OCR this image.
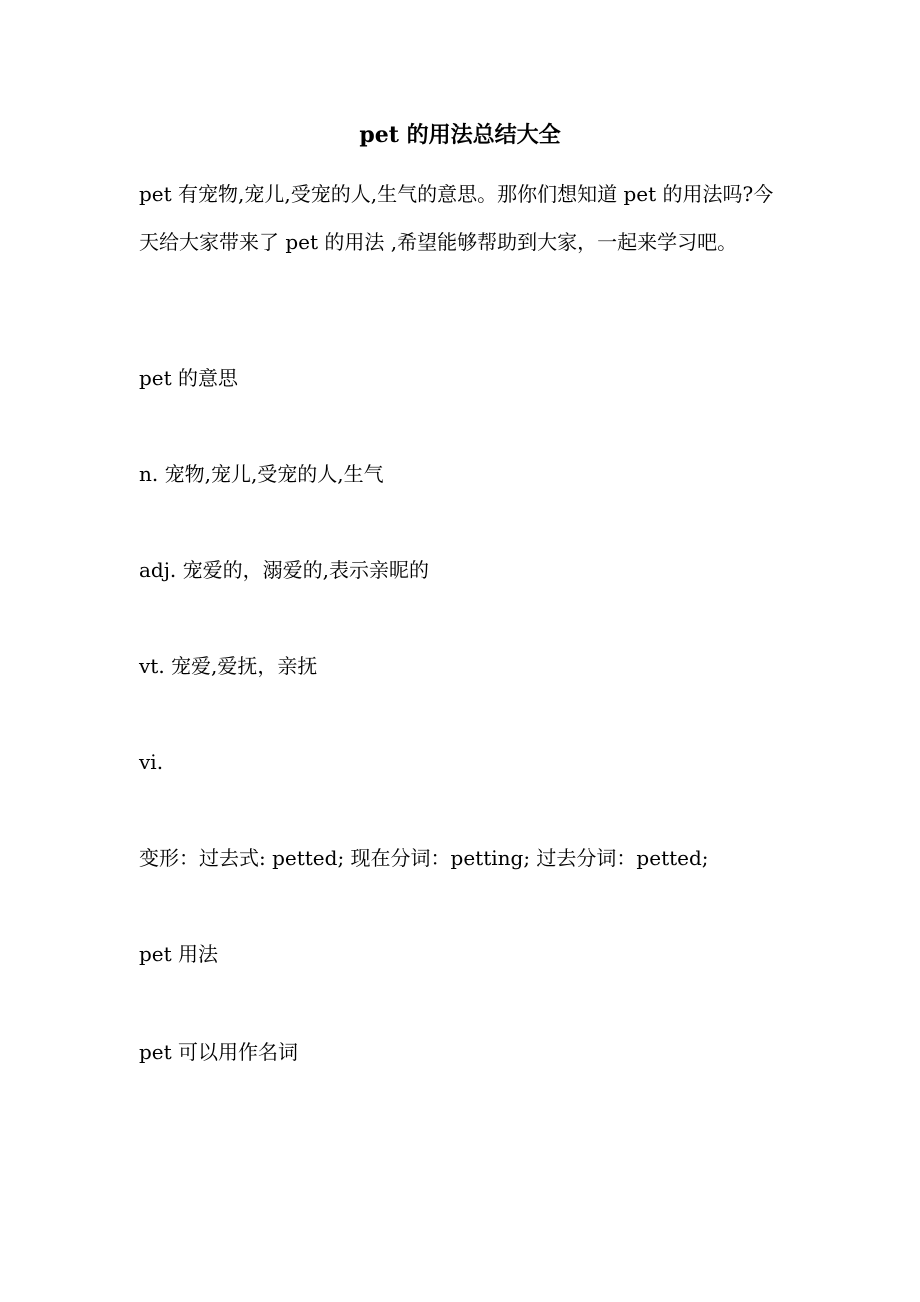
pet 的用法总结大全

pet 有宠物,宠儿,受宠的人,生气的意思。那你们想知道 pet 的用法吗?今天给大家带来了 pet 的用法 ,希望能够帮助到大家，一起来学习吧。

pet 的意思

n. 宠物,宠儿,受宠的人,生气

adj. 宠爱的，溺爱的,表示亲昵的

vt. 宠爱,爱抚，亲抚

vi.

变形：过去式: petted; 现在分词：petting; 过去分词：petted;

pet 用法

pet 可以用作名词
